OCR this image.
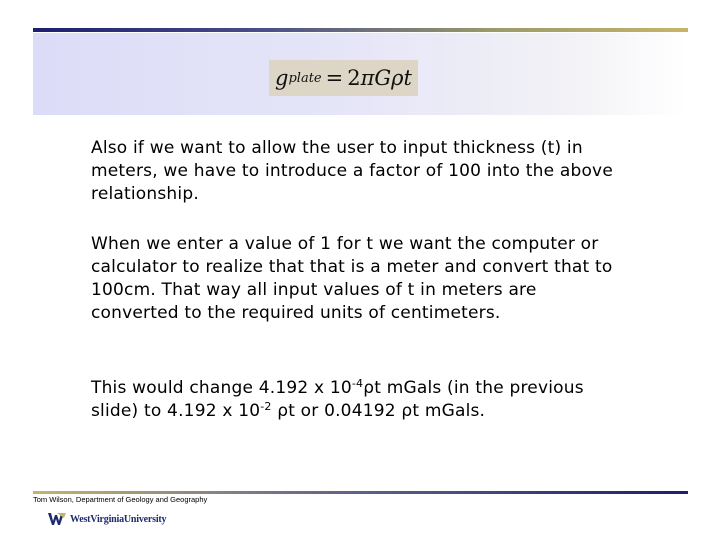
g plate = 2 πGρt
Also if we want to allow the user to input thickness (t) in meters, we have to introduce a factor of 100 into the above relationship.
When we enter a value of 1 for t we want the computer or calculator to realize that that is a meter and convert that to 100cm. That way all input values of t in meters are converted to the required units of centimeters.
This would change 4.192 x $10^{-4}\rho t$ mGals (in the previous slide) to 4.192 x $10^{-2}$ ρt or 0.04192 ρt mGals.
Tom Wilson, Department of Geology and Geography
WestVirginiaUniversity
